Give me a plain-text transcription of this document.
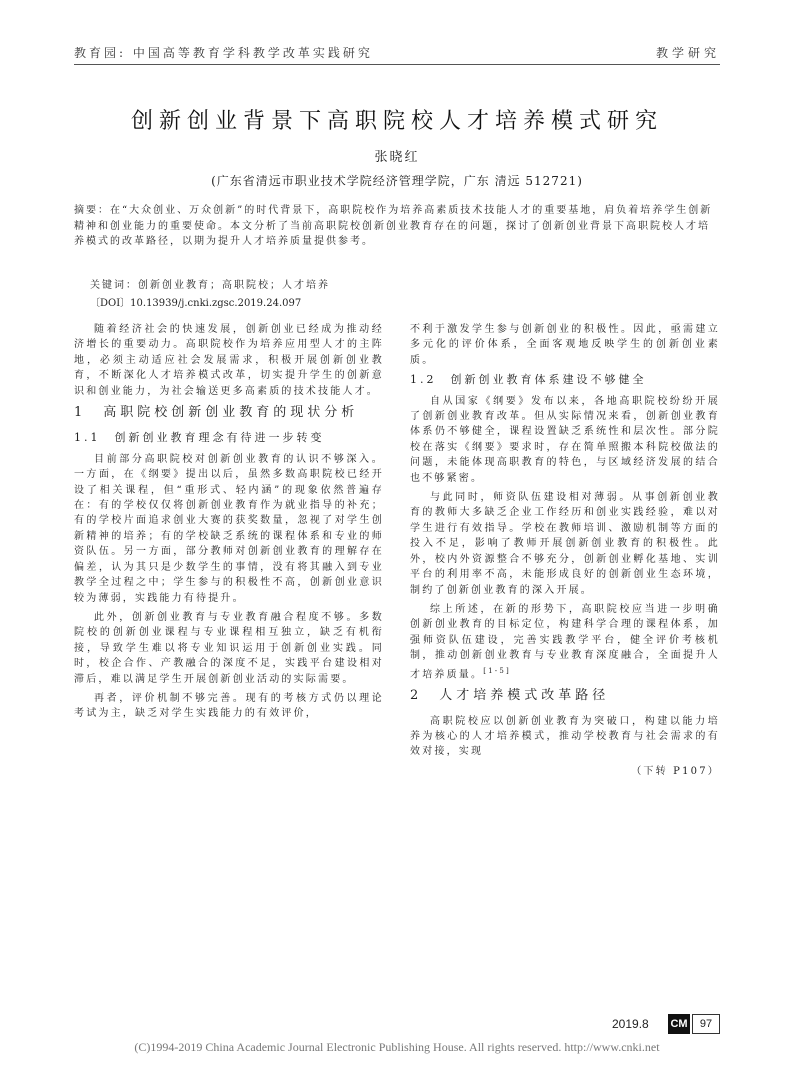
教育园: 中国高等教育学科教学改革实践研究	教学研究
创新创业背景下高职院校人才培养模式研究
张晓红
(广东省清远市职业技术学院经济管理学院，广东 清远 512721)
摘要：在“大众创业、万众创新”的时代背景下，高职院校作为培养高素质技术技能人才的重要基地，肩负着培养学生创新精神和创业能力的重要使命。本文分析了当前高职院校创新创业教育存在的问题，探讨了创新创业背景下高职院校人才培养模式的改革路径，以期为提升人才培养质量提供参考。
关键词：创新创业教育；高职院校；人才培养
〔DOI〕10.13939/j.cnki.zgsc.2019.24.097

随着经济社会的快速发展，创新创业已经成为推动经济增长的重要动力。高职院校作为培养应用型人才的主阵地，必须主动适应社会发展需求，积极开展创新创业教育，不断深化人才培养模式改革，切实提升学生的创新意识和创业能力，为社会输送更多高素质的技术技能人才。

1　高职院校创新创业教育的现状分析
1.1　创新创业教育理念有待进一步转变

目前部分高职院校对创新创业教育的认识不够深入。一方面，在《纲要》提出以后，虽然多数高职院校已经开设了相关课程，但“重形式、轻内涵”的现象依然普遍存在：有的学校仅仅将创新创业教育作为就业指导的补充；有的学校片面追求创业大赛的获奖数量，忽视了对学生创新精神的培养；有的学校缺乏系统的课程体系和专业的师资队伍。另一方面，部分教师对创新创业教育的理解存在偏差，认为其只是少数学生的事情，没有将其融入到专业教学全过程之中；学生参与的积极性不高，创新创业意识较为薄弱，实践能力有待提升。

此外，创新创业教育与专业教育融合程度不够。多数院校的创新创业课程与专业课程相互独立，缺乏有机衔接，导致学生难以将专业知识运用于创新创业实践。同时，校企合作、产教融合的深度不足，实践平台建设相对滞后，难以满足学生开展创新创业活动的实际需要。

再者，评价机制不够完善。现有的考核方式仍以理论考试为主，缺乏对学生实践能力的有效评价，

不利于激发学生参与创新创业的积极性。因此，亟需建立多元化的评价体系，全面客观地反映学生的创新创业素质。

1.2　创新创业教育体系建设不够健全

自从国家《纲要》发布以来，各地高职院校纷纷开展了创新创业教育改革。但从实际情况来看，创新创业教育体系仍不够健全，课程设置缺乏系统性和层次性。部分院校在落实《纲要》要求时，存在简单照搬本科院校做法的问题，未能体现高职教育的特色，与区域经济发展的结合也不够紧密。

与此同时，师资队伍建设相对薄弱。从事创新创业教育的教师大多缺乏企业工作经历和创业实践经验，难以对学生进行有效指导。学校在教师培训、激励机制等方面的投入不足，影响了教师开展创新创业教育的积极性。此外，校内外资源整合不够充分，创新创业孵化基地、实训平台的利用率不高，未能形成良好的创新创业生态环境，制约了创新创业教育的深入开展。

综上所述，在新的形势下，高职院校应当进一步明确创新创业教育的目标定位，构建科学合理的课程体系，加强师资队伍建设，完善实践教学平台，健全评价考核机制，推动创新创业教育与专业教育深度融合，全面提升人才培养质量。[1-5]

2　人才培养模式改革路径

高职院校应以创新创业教育为突破口，构建以能力培养为核心的人才培养模式，推动学校教育与社会需求的有效对接，实现

（下转 P107）
2019.8 CM	97
(C)1994-2019 China Academic Journal Electronic Publishing House. All rights reserved. http://www.cnki.net
